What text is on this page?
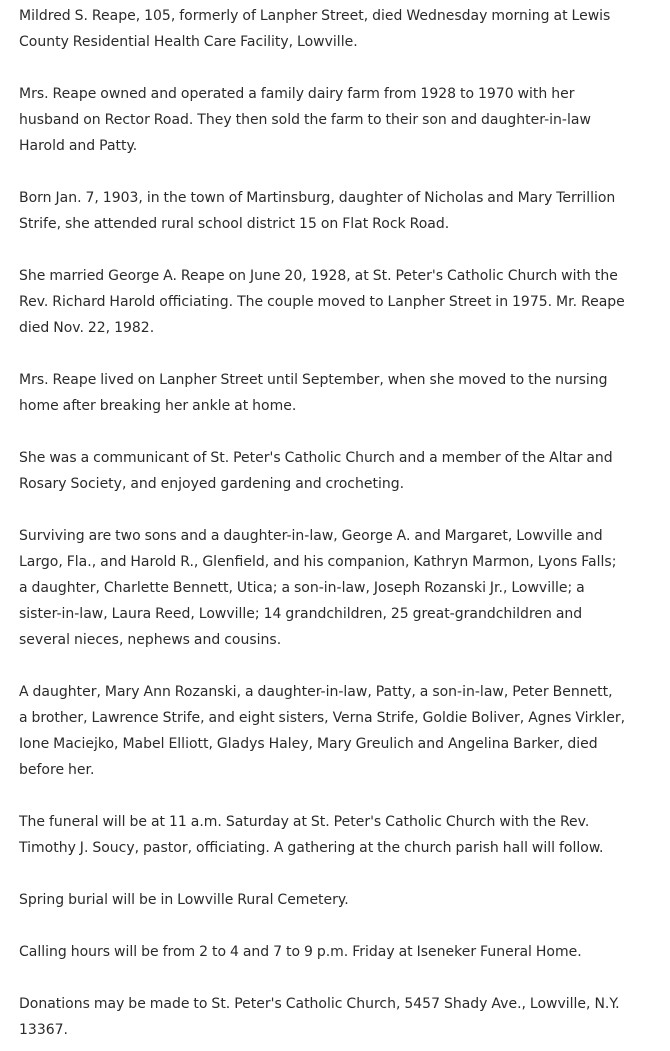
Mildred S. Reape, 105, formerly of Lanpher Street, died Wednesday morning at Lewis
County Residential Health Care Facility, Lowville.

Mrs. Reape owned and operated a family dairy farm from 1928 to 1970 with her
husband on Rector Road. They then sold the farm to their son and daughter-in-law
Harold and Patty.

Born Jan. 7, 1903, in the town of Martinsburg, daughter of Nicholas and Mary Terrillion
Strife, she attended rural school district 15 on Flat Rock Road.

She married George A. Reape on June 20, 1928, at St. Peter's Catholic Church with the
Rev. Richard Harold officiating. The couple moved to Lanpher Street in 1975. Mr. Reape
died Nov. 22, 1982.

Mrs. Reape lived on Lanpher Street until September, when she moved to the nursing
home after breaking her ankle at home.

She was a communicant of St. Peter's Catholic Church and a member of the Altar and
Rosary Society, and enjoyed gardening and crocheting.

Surviving are two sons and a daughter-in-law, George A. and Margaret, Lowville and
Largo, Fla., and Harold R., Glenfield, and his companion, Kathryn Marmon, Lyons Falls;
a daughter, Charlette Bennett, Utica; a son-in-law, Joseph Rozanski Jr., Lowville; a
sister-in-law, Laura Reed, Lowville; 14 grandchildren, 25 great-grandchildren and
several nieces, nephews and cousins.

A daughter, Mary Ann Rozanski, a daughter-in-law, Patty, a son-in-law, Peter Bennett,
a brother, Lawrence Strife, and eight sisters, Verna Strife, Goldie Boliver, Agnes Virkler,
Ione Maciejko, Mabel Elliott, Gladys Haley, Mary Greulich and Angelina Barker, died
before her.

The funeral will be at 11 a.m. Saturday at St. Peter's Catholic Church with the Rev.
Timothy J. Soucy, pastor, officiating. A gathering at the church parish hall will follow.

Spring burial will be in Lowville Rural Cemetery.

Calling hours will be from 2 to 4 and 7 to 9 p.m. Friday at Iseneker Funeral Home.

Donations may be made to St. Peter's Catholic Church, 5457 Shady Ave., Lowville, N.Y.
13367.
